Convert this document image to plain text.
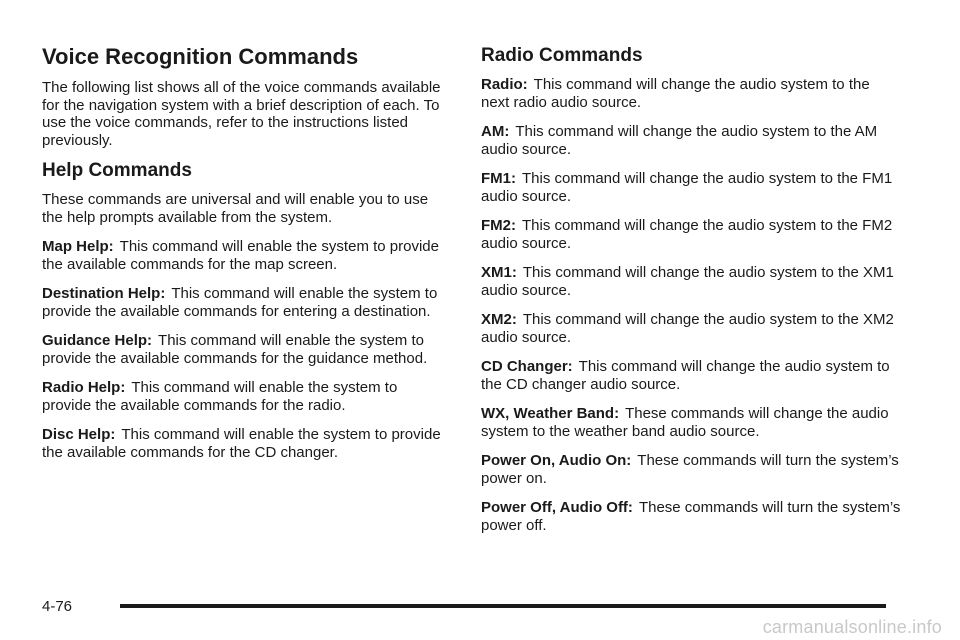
Voice Recognition Commands

The following list shows all of the voice commands available for the navigation system with a brief description of each. To use the voice commands, refer to the instructions listed previously.

Help Commands

These commands are universal and will enable you to use the help prompts available from the system.

Map Help: This command will enable the system to provide the available commands for the map screen.

Destination Help: This command will enable the system to provide the available commands for entering a destination.

Guidance Help: This command will enable the system to provide the available commands for the guidance method.

Radio Help: This command will enable the system to provide the available commands for the radio.

Disc Help: This command will enable the system to provide the available commands for the CD changer.

Radio Commands

Radio: This command will change the audio system to the next radio audio source.

AM: This command will change the audio system to the AM audio source.

FM1: This command will change the audio system to the FM1 audio source.

FM2: This command will change the audio system to the FM2 audio source.

XM1: This command will change the audio system to the XM1 audio source.

XM2: This command will change the audio system to the XM2 audio source.

CD Changer: This command will change the audio system to the CD changer audio source.

WX, Weather Band: These commands will change the audio system to the weather band audio source.

Power On, Audio On: These commands will turn the system’s power on.

Power Off, Audio Off: These commands will turn the system’s power off.

4-76
carmanualsonline.info
